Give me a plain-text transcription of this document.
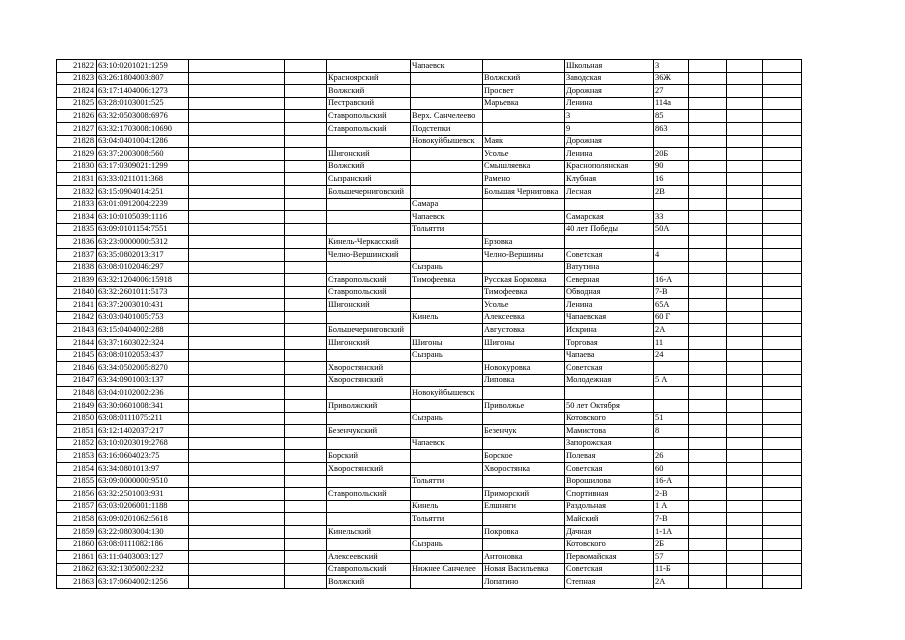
21822	63:10:0201021:1259				Чапаевск		Школьная	3			
21823	63:26:1804003:807			Красноярский		Волжский	Заводская	36Ж			
21824	63:17:1404006:1273			Волжский		Просвет	Дорожная	27			
21825	63:28:0103001:525			Пестравский		Марьевка	Ленина	114а			
21826	63:32:0503008:6976			Ставропольский	Верх. Санчелеево		3	85			
21827	63:32:1703008:10690			Ставропольский	Подстепки		9	863			
21828	63:04:0401004:1286				Новокуйбышевск	Маяк	Дорожная				
21829	63:37:2003008:560			Шигонский		Усолье	Ленина	20Б			
21830	63:17:0309021:1299			Волжский		Смышляевка	Краснополянская	90			
21831	63:33:0211011:368			Сызранский		Рамено	Клубная	16			
21832	63:15:0904014:251			Большечерниговский		Большая Черниговка	Лесная	2В			
21833	63:01:0912004:2239				Самара						
21834	63:10:0105039:1116				Чапаевск		Самарская	33			
21835	63:09:0101154:7551				Тольятти		40 лет Победы	50А			
21836	63:23:0000000:5312			Кинель-Черкасский		Ерзовка					
21837	63:35:0802013:317			Челно-Вершинский		Челно-Вершины	Советская	4			
21838	63:08:0102046:297				Сызрань		Ватутина				
21839	63:32:1204006:15918			Ставропольский	Тимофеевка	Русская Борковка	Северная	16-А			
21840	63:32:2601011:5173			Ставропольский		Тимофеевка	Обводная	7-В			
21841	63:37:2003010:431			Шигонский		Усолье	Ленина	65А			
21842	63:03:0401005:753				Кинель	Алексеевка	Чапаевская	60 Г			
21843	63:15:0404002:288			Большечерниговский		Августовка	Искрина	2А			
21844	63:37:1603022:324			Шигонский	Шигоны	Шигоны	Торговая	11			
21845	63:08:0102053:437				Сызрань		Чапаева	24			
21846	63:34:0502005:8270			Хворостянский		Новокуровка	Советская				
21847	63:34:0901003:137			Хворостянский		Липовка	Молодежная	5 А			
21848	63:04:0102002:236				Новокуйбышевск						
21849	63:30:0601008:341			Приволжский		Приволжье	50 лет Октября				
21850	63:08:0111075:211				Сызрань		Котовского	51			
21851	63:12:1402037:217			Безенчукский		Безенчук	Мамистова	8			
21852	63:10:0203019:2768				Чапаевск		Запорожская				
21853	63:16:0604023:75			Борский		Борское	Полевая	26			
21854	63:34:0801013:97			Хворостянский		Хворостянка	Советская	60			
21855	63:09:0000000:9510				Тольятти		Ворошилова	16-А			
21856	63:32:2501003:931			Ставропольский		Приморский	Спортивная	2-В			
21857	63:03:0206001:1188				Кинель	Елшняги	Раздольная	1 А			
21858	63:09:0201062:5618				Тольятти		Майский	7-В			
21859	63:22:0803004:130			Кинельский		Покровка	Дачная	1-1А			
21860	63:08:0111082:186				Сызрань		Котовского	2Б			
21861	63:11:0403003:127			Алексеевский		Антоновка	Первомайская	57			
21862	63:32:1305002:232			Ставропольский	Нижнее Санчелее	Новая Васильевка	Советская	11-Б			
21863	63:17:0604002:1256			Волжский		Лопатино	Степная	2А			
